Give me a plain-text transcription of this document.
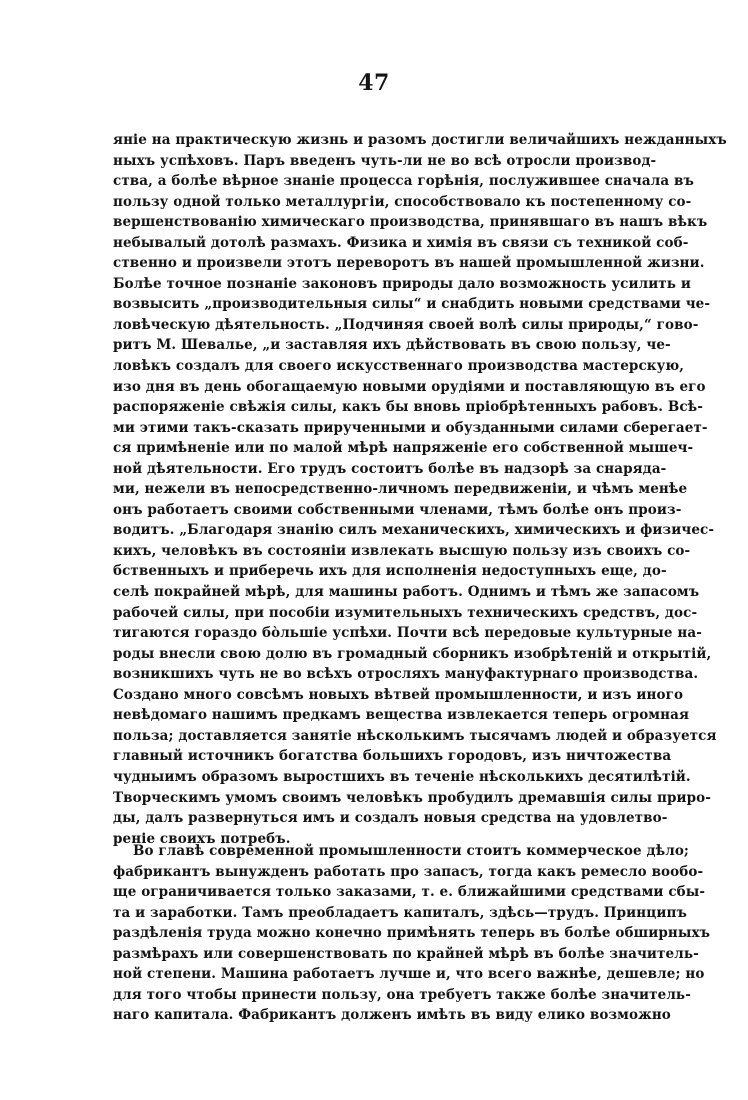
47
янiе на практическую жизнь и разомъ достигли величайшихъ нежданныхъ
ныхъ успѣховъ. Паръ введенъ чуть-ли не во всѣ отросли производ-
ства, а болѣе вѣрное знанiе процесса горѣнiя, послужившее сначала въ
пользу одной только металлургiи, способствовало къ постепенному со-
вершенствованiю химическаго производства, принявшаго въ нашъ вѣкъ
небывалый дотолѣ размахъ. Физика и химiя въ связи съ техникой соб-
ственно и произвели этотъ переворотъ въ нашей промышленной жизни.
Болѣе точное познанiе законовъ природы дало возможность усилить и
возвысить „производительныя силы“ и снабдить новыми средствами че-
ловѣческую дѣятельность. „Подчиняя своей волѣ силы природы,“ гово-
ритъ М. Шевалье, „и заставляя ихъ дѣйствовать въ свою пользу, че-
ловѣкъ создалъ для своего искусственнаго производства мастерскую,
изо дня въ день обогащаемую новыми орудiями и поставляющую въ его
распоряженiе свѣжiя силы, какъ бы вновь прiобрѣтенныхъ рабовъ. Всѣ-
ми этими такъ-сказать прирученными и обузданными силами сберегает-
ся примѣненiе или по малой мѣрѣ напряженiе его собственной мышеч-
ной дѣятельности. Его трудъ состоитъ болѣе въ надзорѣ за снаряда-
ми, нежели въ непосредственно-личномъ передвиженiи, и чѣмъ менѣе
онъ работаетъ своими собственными членами, тѣмъ болѣе онъ произ-
водитъ. „Благодаря знанiю силъ механическихъ, химическихъ и физичес-
кихъ, человѣкъ въ состоянiи извлекать высшую пользу изъ своихъ со-
бственныхъ и приберечь ихъ для исполненiя недоступныхъ еще, до-
селѣ покрайней мѣрѣ, для машины работъ. Однимъ и тѣмъ же запасомъ
рабочей силы, при пособiи изумительныхъ техническихъ средствъ, дос-
тигаются гораздо бо̀льшiе успѣхи. Почти всѣ передовые культурные на-
роды внесли свою долю въ громадный сборникъ изобрѣтенiй и открытiй,
возникшихъ чуть не во всѣхъ отросляхъ мануфактурнаго производства.
Создано много совсѣмъ новыхъ вѣтвей промышленности, и изъ иного
невѣдомаго нашимъ предкамъ вещества извлекается теперь огромная
польза; доставляется занятiе нѣсколькимъ тысячамъ людей и образуется
главный источникъ богатства большихъ городовъ, изъ ничтожества
чудныимъ образомъ выростшихъ въ теченiе нѣсколькихъ десятилѣтiй.
Творческимъ умомъ своимъ человѣкъ пробудилъ дремавшiя силы приро-
ды, далъ развернуться имъ и создалъ новыя средства на удовлетво-
ренiе своихъ потребъ.
Во главѣ современной промышленности стоитъ коммерческое дѣло;
фабрикантъ вынужденъ работать про запасъ, тогда какъ ремесло вообо-
ще ограничивается только заказами, т. е. ближайшими средствами сбы-
та и заработки. Тамъ преобладаетъ капиталъ, здѣсь—трудъ. Принципъ
раздѣленiя труда можно конечно примѣнять теперь въ болѣе обширныхъ
размѣрахъ или совершенствовать по крайней мѣрѣ въ болѣе значитель-
ной степени. Машина работаетъ лучше и, что всего важнѣе, дешевле; но
для того чтобы принести пользу, она требуетъ также болѣе значитель-
наго капитала. Фабрикантъ долженъ имѣть въ виду елико возможно
